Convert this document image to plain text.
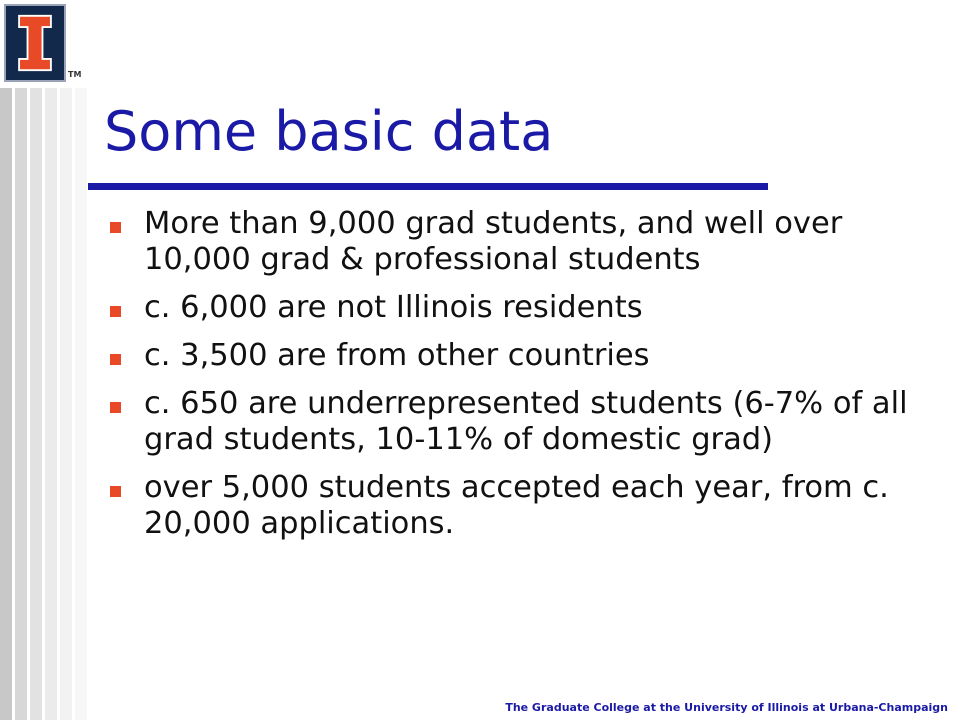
TM
Some basic data
More than 9,000 grad students, and well over 10,000 grad & professional students
c. 6,000 are not Illinois residents
c. 3,500 are from other countries
c. 650 are underrepresented students (6-7% of all grad students, 10-11% of domestic grad)
over 5,000 students accepted each year, from c. 20,000 applications.
The Graduate College at the University of Illinois at Urbana-Champaign
